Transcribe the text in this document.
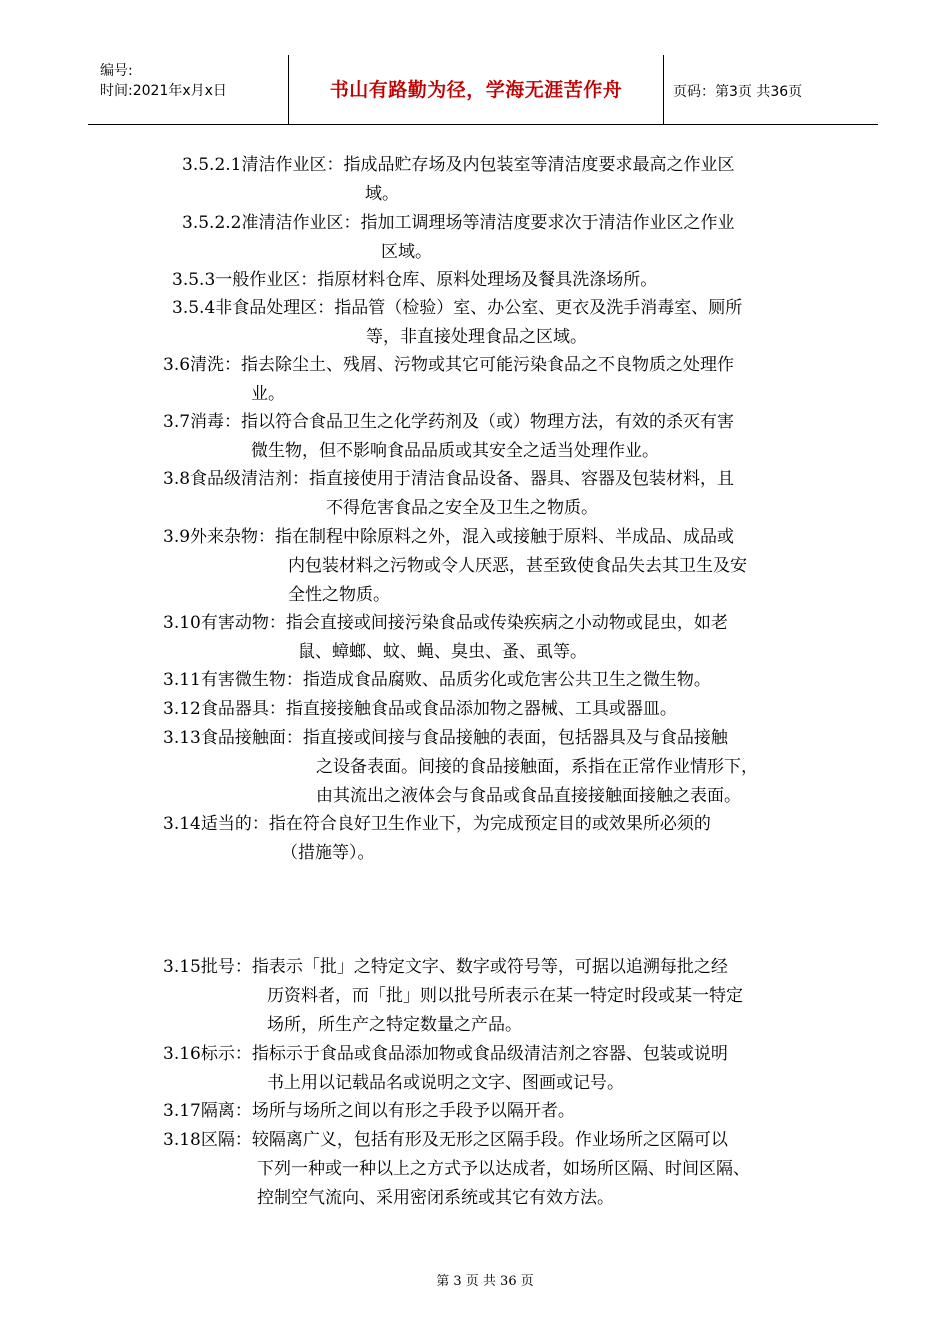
编号:
时间:2021年x月x日	书山有路勤为径，学海无涯苦作舟	页码：第3页 共36页
3.5.2.1清洁作业区：指成品贮存场及内包装室等清洁度要求最高之作业区
域。
3.5.2.2准清洁作业区：指加工调理场等清洁度要求次于清洁作业区之作业
区域。
3.5.3一般作业区：指原材料仓库、原料处理场及餐具洗涤场所。
3.5.4非食品处理区：指品管（检验）室、办公室、更衣及洗手消毒室、厕所
等，非直接处理食品之区域。
3.6清洗：指去除尘土、残屑、污物或其它可能污染食品之不良物质之处理作
业。
3.7消毒：指以符合食品卫生之化学药剂及（或）物理方法，有效的杀灭有害
微生物，但不影响食品品质或其安全之适当处理作业。
3.8食品级清洁剂：指直接使用于清洁食品设备、器具、容器及包装材料，且
不得危害食品之安全及卫生之物质。
3.9外来杂物：指在制程中除原料之外，混入或接触于原料、半成品、成品或
内包装材料之污物或令人厌恶，甚至致使食品失去其卫生及安
全性之物质。
3.10有害动物：指会直接或间接污染食品或传染疾病之小动物或昆虫，如老
鼠、蟑螂、蚊、蝇、臭虫、蚤、虱等。
3.11有害微生物：指造成食品腐败、品质劣化或危害公共卫生之微生物。
3.12食品器具：指直接接触食品或食品添加物之器械、工具或器皿。
3.13食品接触面：指直接或间接与食品接触的表面，包括器具及与食品接触
之设备表面。间接的食品接触面，系指在正常作业情形下，
由其流出之液体会与食品或食品直接接触面接触之表面。
3.14适当的：指在符合良好卫生作业下，为完成预定目的或效果所必须的
（措施等）。
3.15批号：指表示「批」之特定文字、数字或符号等，可据以追溯每批之经
历资料者，而「批」则以批号所表示在某一特定时段或某一特定
场所，所生产之特定数量之产品。
3.16标示：指标示于食品或食品添加物或食品级清洁剂之容器、包装或说明
书上用以记载品名或说明之文字、图画或记号。
3.17隔离：场所与场所之间以有形之手段予以隔开者。
3.18区隔：较隔离广义，包括有形及无形之区隔手段。作业场所之区隔可以
下列一种或一种以上之方式予以达成者，如场所区隔、时间区隔、
控制空气流向、采用密闭系统或其它有效方法。
第 3 页 共 36 页
